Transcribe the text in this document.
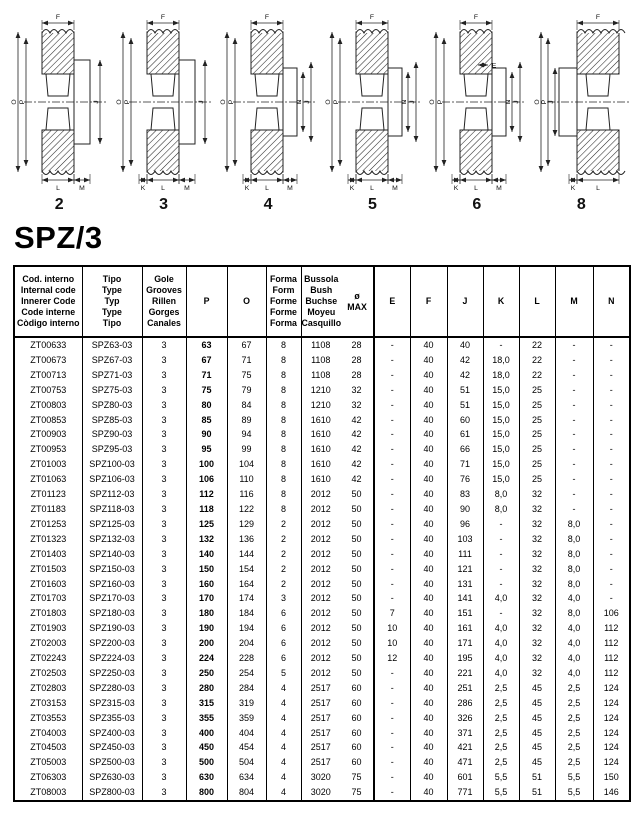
F
O P	J
L	M
2
F
O P	J
K L	M
3
F
O P	N J
K L	M
4
F
O P	N J
K L	M
5
F
O P	N J
K L	M
E
6
F
O P J
K	L
8
SPZ/3
Cod. interno
Internal code
Innerer Code
Code interne
Còdigo interno

Tipo
Type
Typ
Type
Tipo

Gole
Grooves
Rillen
Gorges
Canales

P	O

Forma
Form
Forme
Forme
Forma

Bussola
Bush
Buchse
Moyeu
Casquillo
ø
MAX

E	F	J	K	L	M	N

ZT00633	SPZ63-03	3	63	67	8	1108	28	-	40	40	-	22	-	-
ZT00673	SPZ67-03	3	67	71	8	1108	28	-	40	42	18,0	22	-	-
ZT00713	SPZ71-03	3	71	75	8	1108	28	-	40	42	18,0	22	-	-
ZT00753	SPZ75-03	3	75	79	8	1210	32	-	40	51	15,0	25	-	-
ZT00803	SPZ80-03	3	80	84	8	1210	32	-	40	51	15,0	25	-	-
ZT00853	SPZ85-03	3	85	89	8	1610	42	-	40	60	15,0	25	-	-
ZT00903	SPZ90-03	3	90	94	8	1610	42	-	40	61	15,0	25	-	-
ZT00953	SPZ95-03	3	95	99	8	1610	42	-	40	66	15,0	25	-	-
ZT01003	SPZ100-03	3	100	104	8	1610	42	-	40	71	15,0	25	-	-
ZT01063	SPZ106-03	3	106	110	8	1610	42	-	40	76	15,0	25	-	-
ZT01123	SPZ112-03	3	112	116	8	2012	50	-	40	83	8,0	32	-	-
ZT01183	SPZ118-03	3	118	122	8	2012	50	-	40	90	8,0	32	-	-
ZT01253	SPZ125-03	3	125	129	2	2012	50	-	40	96	-	32	8,0	-
ZT01323	SPZ132-03	3	132	136	2	2012	50	-	40	103	-	32	8,0	-
ZT01403	SPZ140-03	3	140	144	2	2012	50	-	40	111	-	32	8,0	-
ZT01503	SPZ150-03	3	150	154	2	2012	50	-	40	121	-	32	8,0	-
ZT01603	SPZ160-03	3	160	164	2	2012	50	-	40	131	-	32	8,0	-
ZT01703	SPZ170-03	3	170	174	3	2012	50	-	40	141	4,0	32	4,0	-
ZT01803	SPZ180-03	3	180	184	6	2012	50	7	40	151	-	32	8,0	106
ZT01903	SPZ190-03	3	190	194	6	2012	50	10	40	161	4,0	32	4,0	112
ZT02003	SPZ200-03	3	200	204	6	2012	50	10	40	171	4,0	32	4,0	112
ZT02243	SPZ224-03	3	224	228	6	2012	50	12	40	195	4,0	32	4,0	112
ZT02503	SPZ250-03	3	250	254	5	2012	50	-	40	221	4,0	32	4,0	112
ZT02803	SPZ280-03	3	280	284	4	2517	60	-	40	251	2,5	45	2,5	124
ZT03153	SPZ315-03	3	315	319	4	2517	60	-	40	286	2,5	45	2,5	124
ZT03553	SPZ355-03	3	355	359	4	2517	60	-	40	326	2,5	45	2,5	124
ZT04003	SPZ400-03	3	400	404	4	2517	60	-	40	371	2,5	45	2,5	124
ZT04503	SPZ450-03	3	450	454	4	2517	60	-	40	421	2,5	45	2,5	124
ZT05003	SPZ500-03	3	500	504	4	2517	60	-	40	471	2,5	45	2,5	124
ZT06303	SPZ630-03	3	630	634	4	3020	75	-	40	601	5,5	51	5,5	150
ZT08003	SPZ800-03	3	800	804	4	3020	75	-	40	771	5,5	51	5,5	146
